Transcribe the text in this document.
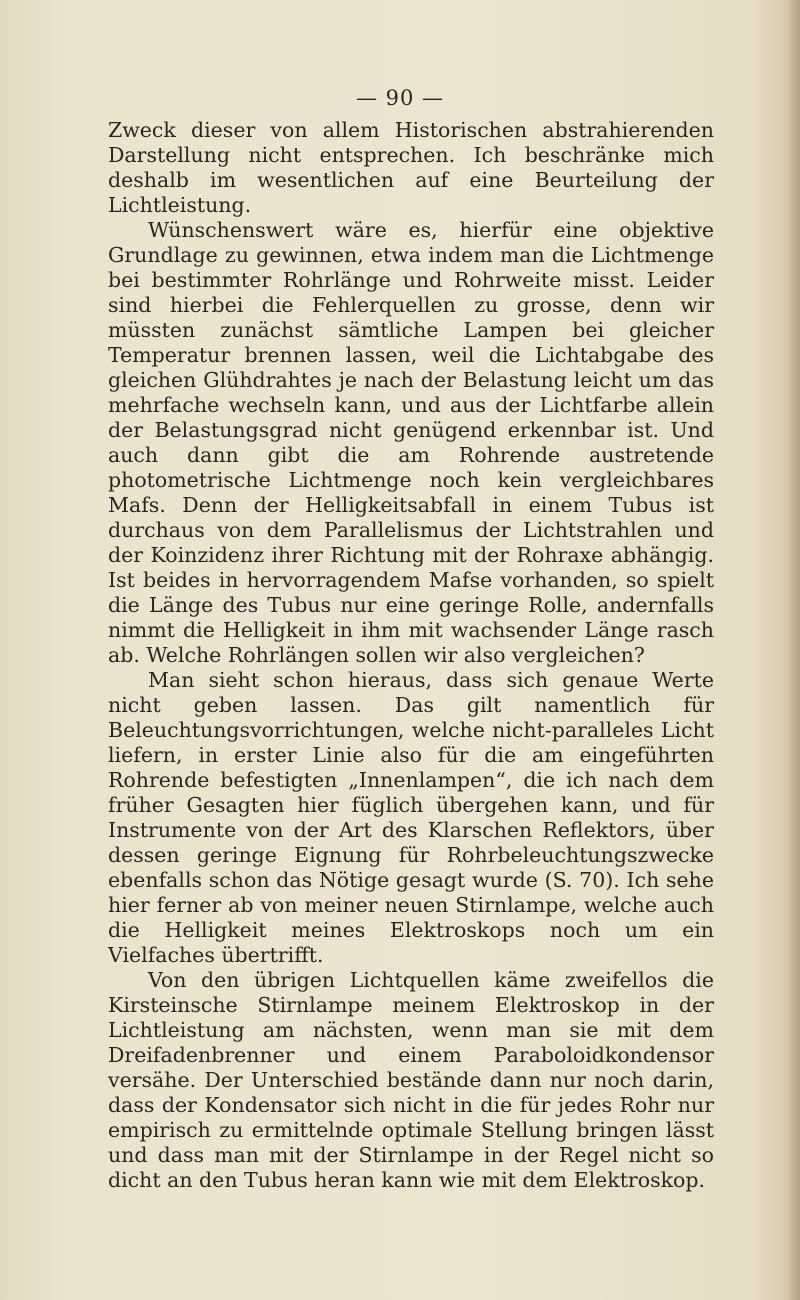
— 90 —

Zweck dieser von allem Historischen abstrahierenden Darstellung nicht entsprechen. Ich beschränke mich deshalb im wesentlichen auf eine Beurteilung der Lichtleistung.

Wünschenswert wäre es, hierfür eine objektive Grundlage zu gewinnen, etwa indem man die Lichtmenge bei bestimmter Rohrlänge und Rohrweite misst. Leider sind hierbei die Fehlerquellen zu grosse, denn wir müssten zunächst sämtliche Lampen bei gleicher Temperatur brennen lassen, weil die Lichtabgabe des gleichen Glühdrahtes je nach der Belastung leicht um das mehrfache wechseln kann, und aus der Lichtfarbe allein der Belastungsgrad nicht genügend erkennbar ist. Und auch dann gibt die am Rohrende austretende photometrische Lichtmenge noch kein vergleichbares Mafs. Denn der Helligkeitsabfall in einem Tubus ist durchaus von dem Parallelismus der Lichtstrahlen und der Koinzidenz ihrer Richtung mit der Rohraxe abhängig. Ist beides in hervorragendem Mafse vorhanden, so spielt die Länge des Tubus nur eine geringe Rolle, andernfalls nimmt die Helligkeit in ihm mit wachsender Länge rasch ab. Welche Rohrlängen sollen wir also vergleichen?

Man sieht schon hieraus, dass sich genaue Werte nicht geben lassen. Das gilt namentlich für Beleuchtungsvorrichtungen, welche nicht-paralleles Licht liefern, in erster Linie also für die am eingeführten Rohrende befestigten „Innenlampen“, die ich nach dem früher Gesagten hier füglich übergehen kann, und für Instrumente von der Art des Klarschen Reflektors, über dessen geringe Eignung für Rohrbeleuchtungszwecke ebenfalls schon das Nötige gesagt wurde (S. 70). Ich sehe hier ferner ab von meiner neuen Stirnlampe, welche auch die Helligkeit meines Elektroskops noch um ein Vielfaches übertrifft.

Von den übrigen Lichtquellen käme zweifellos die Kirsteinsche Stirnlampe meinem Elektroskop in der Lichtleistung am nächsten, wenn man sie mit dem Dreifadenbrenner und einem Paraboloidkondensor versähe. Der Unterschied bestände dann nur noch darin, dass der Kondensator sich nicht in die für jedes Rohr nur empirisch zu ermittelnde optimale Stellung bringen lässt und dass man mit der Stirnlampe in der Regel nicht so dicht an den Tubus heran kann wie mit dem Elektroskop.
